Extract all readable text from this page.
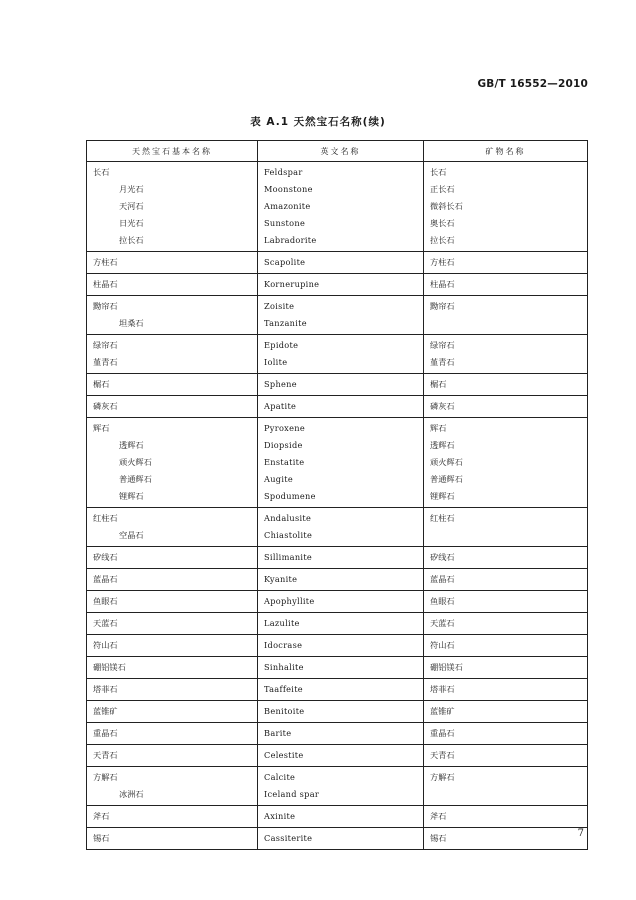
GB/T 16552—2010
表 A.1 天然宝石名称(续)
天然宝石基本名称	英文名称	矿物名称
长石	Feldspar	长石
月光石	Moonstone	正长石
天河石	Amazonite	微斜长石
日光石	Sunstone	奥长石
拉长石	Labradorite	拉长石
方柱石	Scapolite	方柱石
柱晶石	Kornerupine	柱晶石
黝帘石	Zoisite	黝帘石
坦桑石	Tanzanite	
绿帘石	Epidote	绿帘石
堇青石	Iolite	堇青石
榍石	Sphene	榍石
磷灰石	Apatite	磷灰石
辉石	Pyroxene	辉石
透辉石	Diopside	透辉石
顽火辉石	Enstatite	顽火辉石
普通辉石	Augite	普通辉石
锂辉石	Spodumene	锂辉石
红柱石	Andalusite	红柱石
空晶石	Chiastolite	
矽线石	Sillimanite	矽线石
蓝晶石	Kyanite	蓝晶石
鱼眼石	Apophyllite	鱼眼石
天蓝石	Lazulite	天蓝石
符山石	Idocrase	符山石
硼铝镁石	Sinhalite	硼铝镁石
塔菲石	Taaffeite	塔菲石
蓝锥矿	Benitoite	蓝锥矿
重晶石	Barite	重晶石
天青石	Celestite	天青石
方解石	Calcite	方解石
冰洲石	Iceland spar	
斧石	Axinite	斧石
锡石	Cassiterite	锡石	7
